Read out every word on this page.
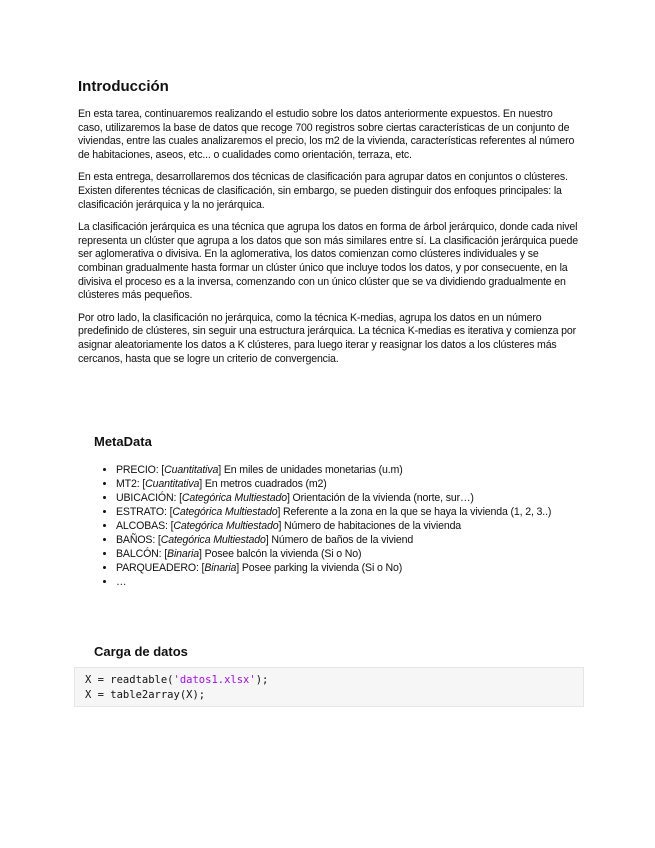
Introducción

En esta tarea, continuaremos realizando el estudio sobre los datos anteriormente expuestos. En nuestro caso, utilizaremos la base de datos que recoge 700 registros sobre ciertas características de un conjunto de viviendas, entre las cuales analizaremos el precio, los m2 de la vivienda, características referentes al número de habitaciones, aseos, etc... o cualidades como orientación, terraza, etc.

En esta entrega, desarrollaremos dos técnicas de clasificación para agrupar datos en conjuntos o clústeres. Existen diferentes técnicas de clasificación, sin embargo, se pueden distinguir dos enfoques principales: la clasificación jerárquica y la no jerárquica.

La clasificación jerárquica es una técnica que agrupa los datos en forma de árbol jerárquico, donde cada nivel representa un clúster que agrupa a los datos que son más similares entre sí. La clasificación jerárquica puede ser aglomerativa o divisiva. En la aglomerativa, los datos comienzan como clústeres individuales y se combinan gradualmente hasta formar un clúster único que incluye todos los datos, y por consecuente, en la divisiva el proceso es a la inversa, comenzando con un único clúster que se va dividiendo gradualmente en clústeres más pequeños.

Por otro lado, la clasificación no jerárquica, como la técnica K-medias, agrupa los datos en un número predefinido de clústeres, sin seguir una estructura jerárquica. La técnica K-medias es iterativa y comienza por asignar aleatoriamente los datos a K clústeres, para luego iterar y reasignar los datos a los clústeres más cercanos, hasta que se logre un criterio de convergencia.

MetaData
• PRECIO: [Cuantitativa] En miles de unidades monetarias (u.m)
• MT2: [Cuantitativa] En metros cuadrados (m2)
• UBICACIÓN: [Categórica Multiestado] Orientación de la vivienda (norte, sur…)
• ESTRATO: [Categórica Multiestado] Referente a la zona en la que se haya la vivienda (1, 2, 3..)
• ALCOBAS: [Categórica Multiestado] Número de habitaciones de la vivienda
• BAÑOS: [Categórica Multiestado] Número de baños de la viviend
• BALCÓN: [Binaria] Posee balcón la vivienda (Si o No)
• PARQUEADERO: [Binaria] Posee parking la vivienda (Si o No)
• …
Carga de datos
X = readtable('datos1.xlsx');
X = table2array(X);
